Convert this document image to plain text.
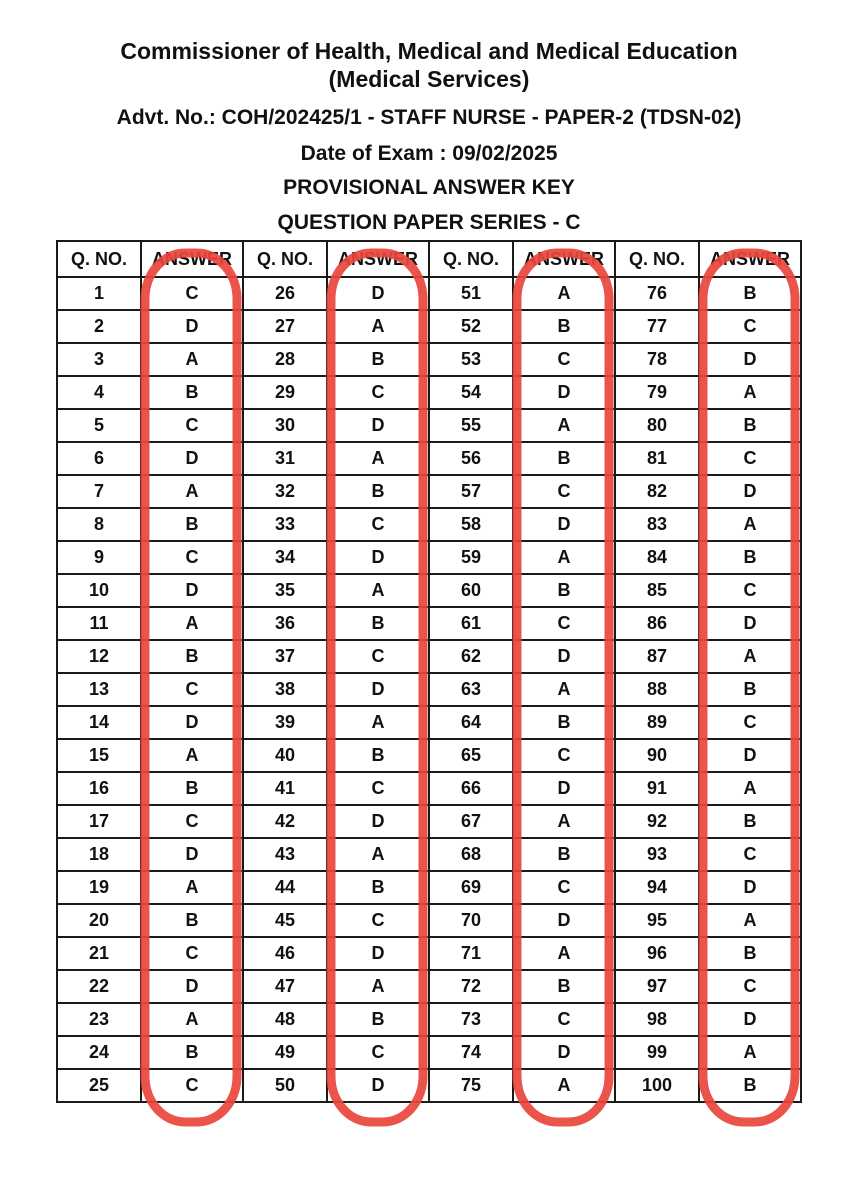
Commissioner of Health, Medical and Medical Education
(Medical Services)
Advt. No.: COH/202425/1 - STAFF NURSE - PAPER-2 (TDSN-02)
Date of Exam : 09/02/2025
PROVISIONAL ANSWER KEY
QUESTION PAPER SERIES - C
Q. NO.	ANSWER	Q. NO.	ANSWER	Q. NO.	ANSWER	Q. NO.	ANSWER
1	C	26	D	51	A	76	B
2	D	27	A	52	B	77	C
3	A	28	B	53	C	78	D
4	B	29	C	54	D	79	A
5	C	30	D	55	A	80	B
6	D	31	A	56	B	81	C
7	A	32	B	57	C	82	D
8	B	33	C	58	D	83	A
9	C	34	D	59	A	84	B
10	D	35	A	60	B	85	C
11	A	36	B	61	C	86	D
12	B	37	C	62	D	87	A
13	C	38	D	63	A	88	B
14	D	39	A	64	B	89	C
15	A	40	B	65	C	90	D
16	B	41	C	66	D	91	A
17	C	42	D	67	A	92	B
18	D	43	A	68	B	93	C
19	A	44	B	69	C	94	D
20	B	45	C	70	D	95	A
21	C	46	D	71	A	96	B
22	D	47	A	72	B	97	C
23	A	48	B	73	C	98	D
24	B	49	C	74	D	99	A
25	C	50	D	75	A	100	B
